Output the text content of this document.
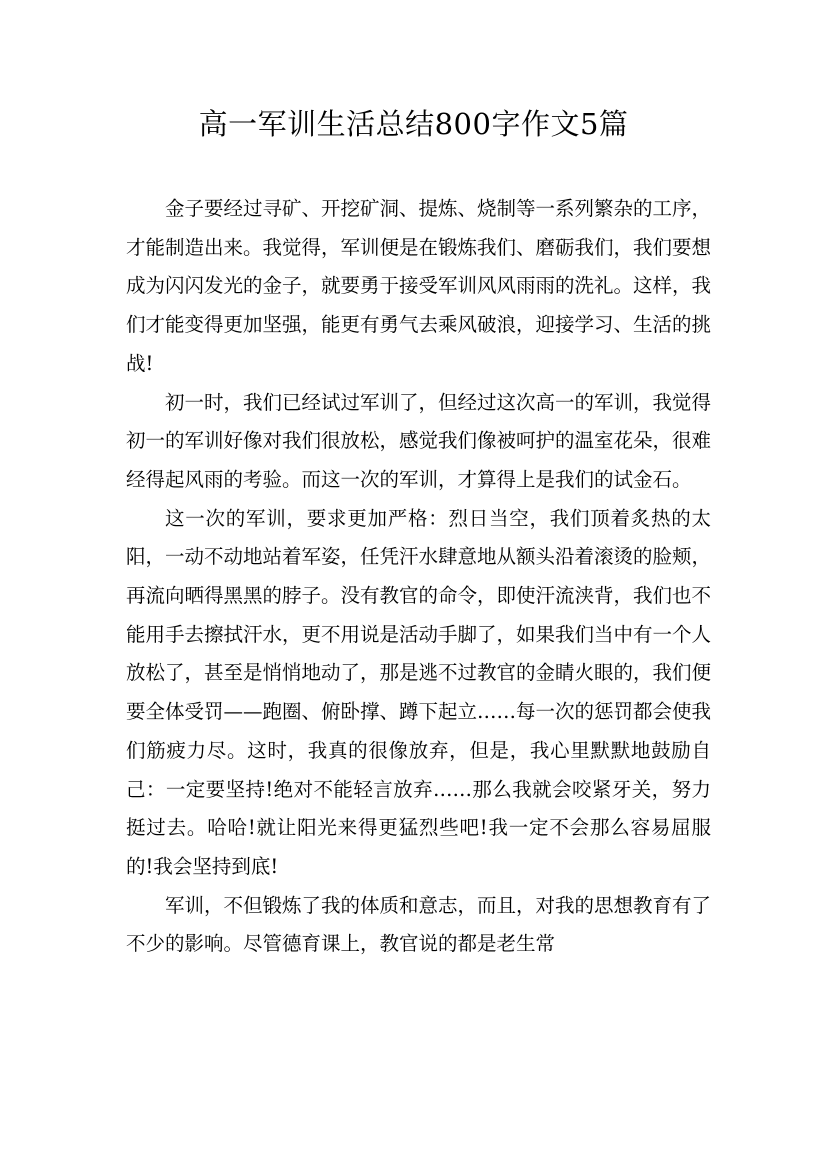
高一军训生活总结800字作文5篇

金子要经过寻矿、开挖矿洞、提炼、烧制等一系列繁杂的工序，才能制造出来。我觉得，军训便是在锻炼我们、磨砺我们，我们要想成为闪闪发光的金子，就要勇于接受军训风风雨雨的洗礼。这样，我们才能变得更加坚强，能更有勇气去乘风破浪，迎接学习、生活的挑战!

初一时，我们已经试过军训了，但经过这次高一的军训，我觉得初一的军训好像对我们很放松，感觉我们像被呵护的温室花朵，很难经得起风雨的考验。而这一次的军训，才算得上是我们的试金石。

这一次的军训，要求更加严格：烈日当空，我们顶着炙热的太阳，一动不动地站着军姿，任凭汗水肆意地从额头沿着滚烫的脸颊，再流向晒得黑黑的脖子。没有教官的命令，即使汗流浃背，我们也不能用手去擦拭汗水，更不用说是活动手脚了，如果我们当中有一个人放松了，甚至是悄悄地动了，那是逃不过教官的金睛火眼的，我们便要全体受罚——跑圈、俯卧撑、蹲下起立……每一次的惩罚都会使我们筋疲力尽。这时，我真的很像放弃，但是，我心里默默地鼓励自己：一定要坚持!绝对不能轻言放弃……那么我就会咬紧牙关，努力挺过去。哈哈!就让阳光来得更猛烈些吧!我一定不会那么容易屈服的!我会坚持到底!

军训，不但锻炼了我的体质和意志，而且，对我的思想教育有了不少的影响。尽管德育课上，教官说的都是老生常
